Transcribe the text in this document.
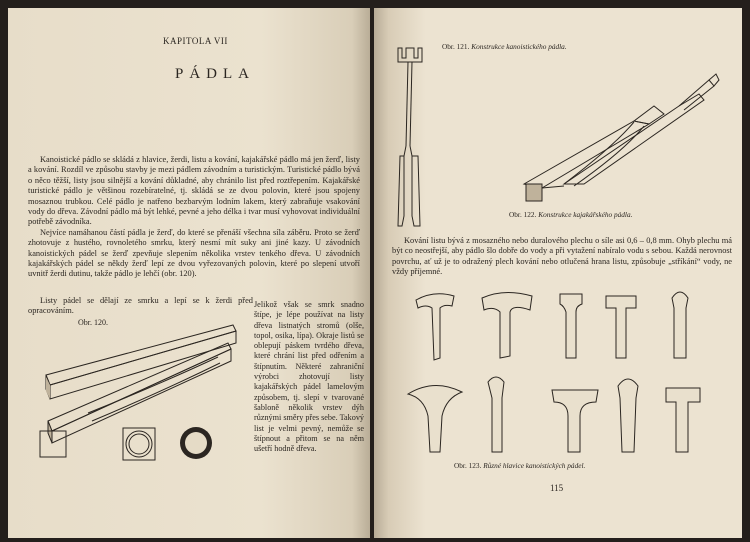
KAPITOLA VII
PÁDLA

Kanoistické pádlo se skládá z hlavice, žerdi, listu a kování, kajakářské pádlo má jen žerď, listy a kování. Rozdíl ve způsobu stavby je mezi pádlem závodním a turistickým. Turistické pádlo bývá o něco těžší, listy jsou silnější a kování důkladné, aby chránilo list před roztřepením. Kajakářské turistické pádlo je většinou rozebíratelné, tj. skládá se ze dvou polovin, které jsou spojeny mosaznou trubkou. Celé pádlo je natřeno bezbarvým lodním lakem, který zabraňuje vsakování vody do dřeva. Závodní pádlo má být lehké, pevné a jeho délka i tvar musí vyhovovat individuální potřebě závodníka.

Nejvíce namáhanou částí pádla je žerď, do které se přenáší všechna síla záběru. Proto se žerď zhotovuje z hustého, rovnoletého smrku, který nesmí mít suky ani jiné kazy. U závodních kanoistických pádel se žerď zpevňuje slepením několika vrstev tenkého dřeva. U závodních kajakářských pádel se někdy žerď lepí ze dvou vyřezovaných polovin, které po slepení utvoří uvnitř žerdi dutinu, takže pádlo je lehčí (obr. 120).

Listy pádel se dělají ze smrku a lepí se k žerdi před opracováním.
Obr. 120.
Jelikož však se smrk snadno štípe, je lépe používat na listy dřeva listnatých stromů (olše, topol, osika, lípa). Okraje listů se oblepují páskem tvrdého dřeva, které chrání list před odřením a štípnutím. Některé zahraniční výrobci zhotovují listy kajakářských pádel lamelovým způsobem, tj. slepí v tvarované šabloně několik vrstev dýh různými směry přes sebe. Takový list je velmi pevný, nemůže se štípnout a přitom se na něm ušetří hodně dřeva.
Obr. 121. Konstrukce kanoistického pádla.
Obr. 122. Konstrukce kajakářského pádla.
Kování listu bývá z mosazného nebo duralového plechu o síle asi 0,6 – 0,8 mm. Ohyb plechu má být co neostřejší, aby pádlo šlo dobře do vody a při vytažení nabíralo vodu s sebou. Každá nerovnost povrchu, ať už je to odražený plech kování nebo otlučená hrana listu, způsobuje „stříkání“ vody, ne vždy příjemné.
Obr. 123. Různé hlavice kanoistických pádel.
115
